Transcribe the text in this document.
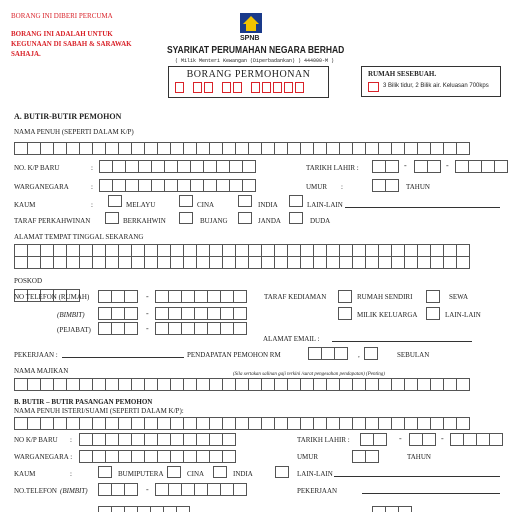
BORANG INI DIBERI PERCUMA
BORANG INI ADALAH UNTUK
KEGUNAAN DI SABAH & SARAWAK
SAHAJA.
SPNB
SYARIKAT PERUMAHAN NEGARA BERHAD
( Milik Menteri Kewangan (Diperbadankan) ) 444000-M )
BORANG PERMOHONAN	RUMAH SESEBUAH.
3 Bilik tidur, 2 Bilik air. Keluasan 700kps
A. BUTIR-BUTIR PEMOHON
NAMA PENUH (SEPERTI DALAM K/P)
NO. K/P BARU	:	TARIKH LAHIR :	-	-
WARGANEGARA	:	UMUR :	TAHUN
KAUM	:	MELAYU	CINA	INDIA	LAIN-LAIN
TARAF PERKAHWINAN	BERKAHWIN	BUJANG	JANDA	DUDA
ALAMAT TEMPAT TINGGAL SEKARANG
POSKOD
NO TELEFON (RUMAH)	-	TARAF KEDIAMAN	RUMAH SENDIRI	SEWA
(BIMBIT)	-	MILIK KELUARGA	LAIN-LAIN
(PEJABAT)	-
ALAMAT EMAIL :
PEKERJAAN :	PENDAPATAN PEMOHON RM	,	SEBULAN
NAMA MAJIKAN	(Sila sertakan salinan gaji terkini /surat pengesahan pendapatan) (Penting)
B. BUTIR – BUTIR PASANGAN PEMOHON
NAMA PENUH ISTERI/SUAMI (SEPERTI DALAM K/P):
NO K/P BARU :	TARIKH LAHIR :	-	-
WARGANEGARA :	UMUR	TAHUN
KAUM	:	BUMIPUTERA	CINA	INDIA	LAIN-LAIN
NO.TELEFON (BIMBIT)	-	PEKERJAAN
